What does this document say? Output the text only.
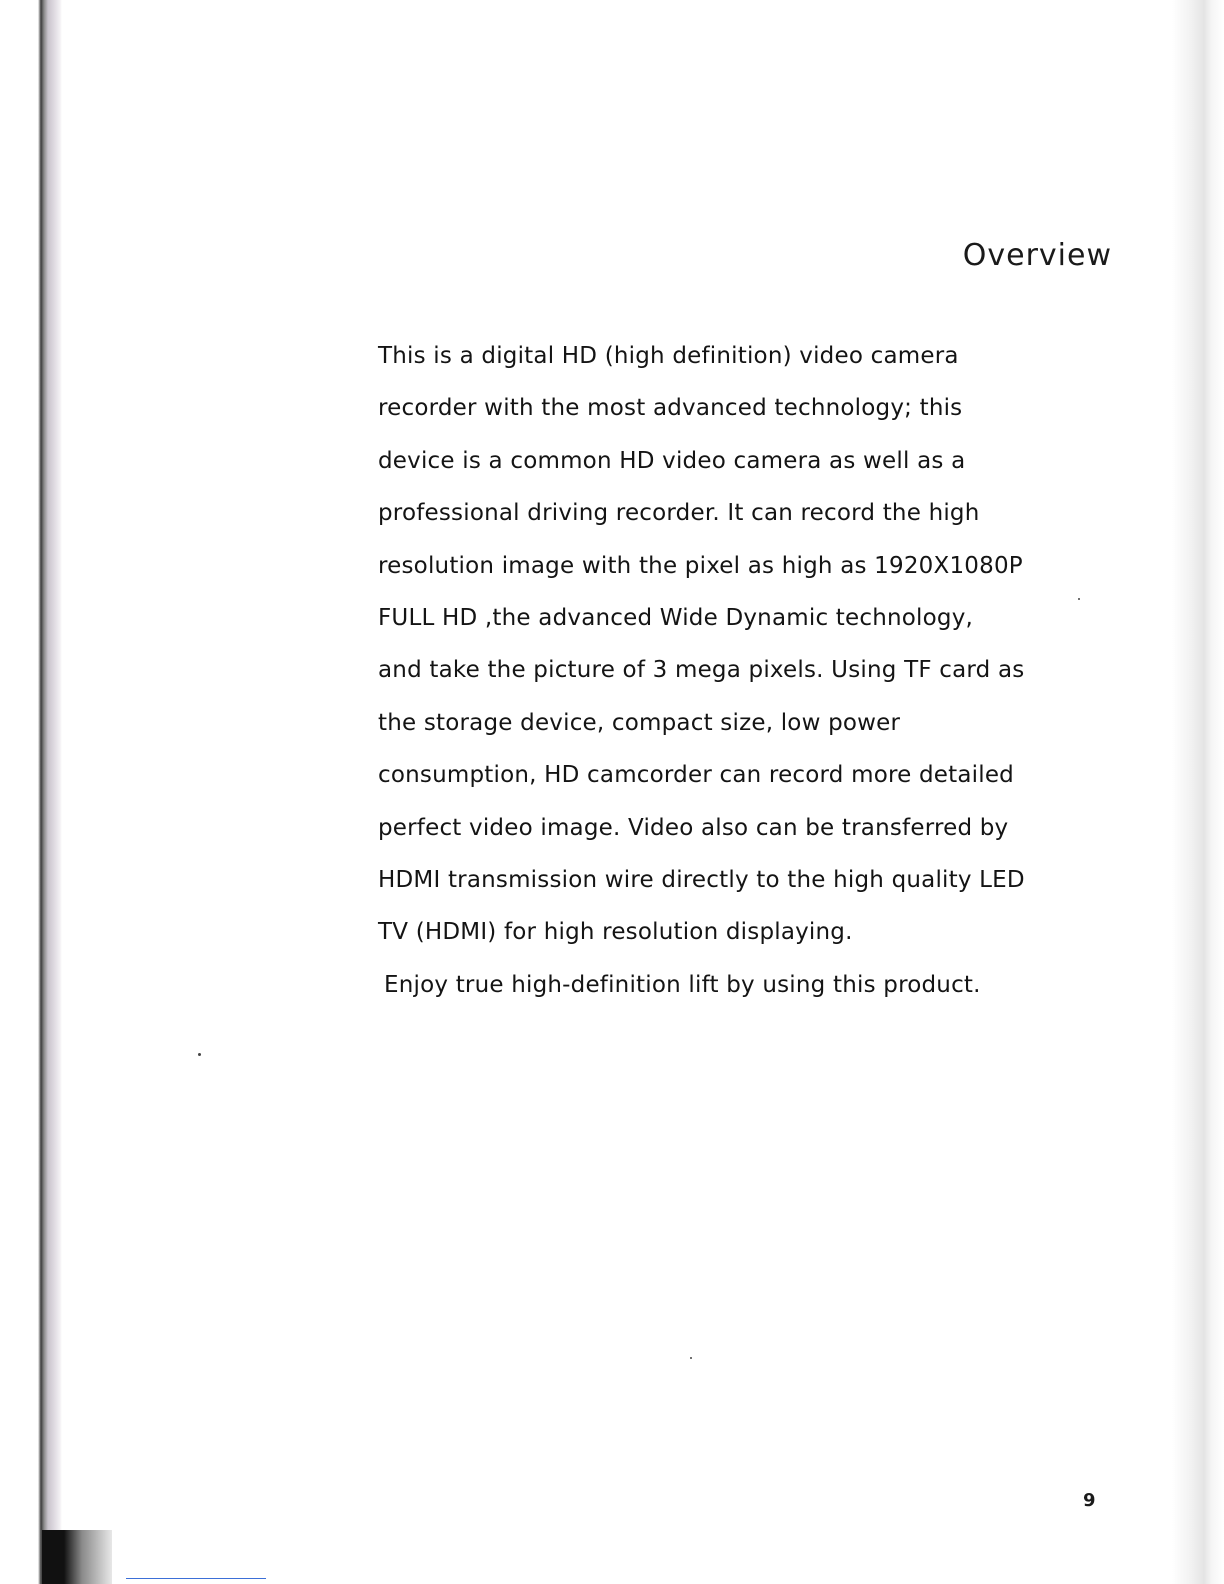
Overview
This is a digital HD (high definition) video camera
recorder with the most advanced technology; this
device is a common HD video camera as well as a
professional driving recorder. It can record the high
resolution image with the pixel as high as 1920X1080P
FULL HD ,the advanced Wide Dynamic technology,
and take the picture of 3 mega pixels. Using TF card as
the storage device, compact size, low power
consumption, HD camcorder can record more detailed
perfect video image. Video also can be transferred by
HDMI transmission wire directly to the high quality LED
TV (HDMI) for high resolution displaying.
Enjoy true high-definition lift by using this product.
9
